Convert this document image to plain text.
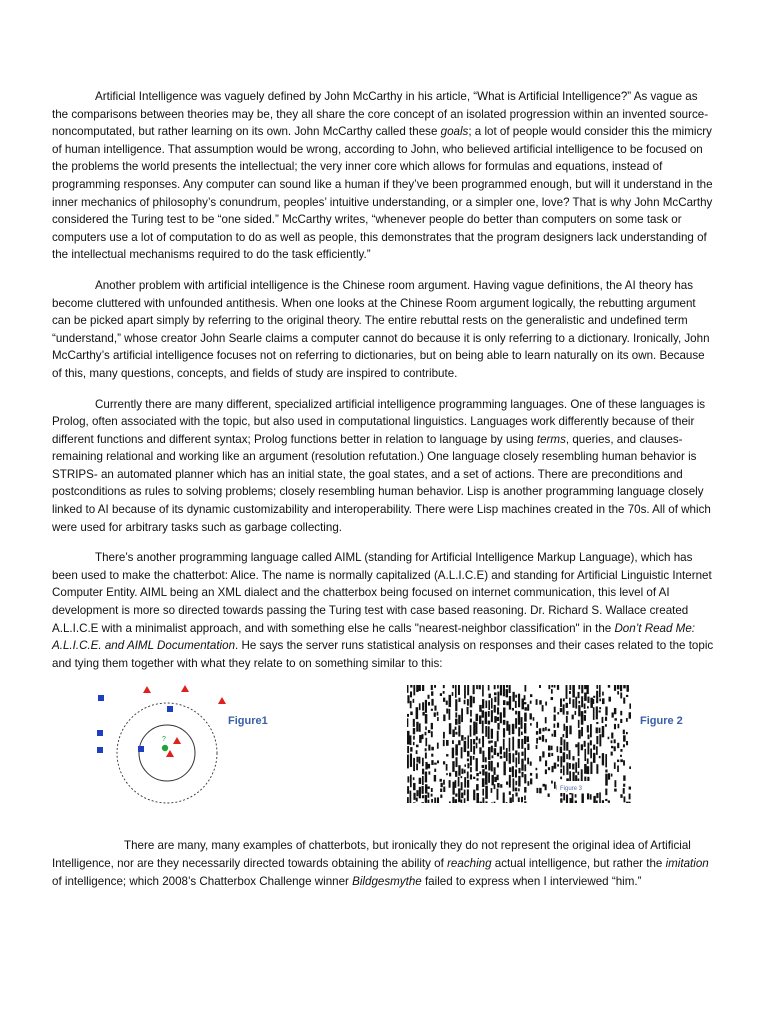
Artificial Intelligence was vaguely defined by John McCarthy in his article, “What is Artificial Intelligence?” As vague as the comparisons between theories may be, they all share the core concept of an isolated progression within an invented source- noncomputated, but rather learning on its own. John McCarthy called these goals; a lot of people would consider this the mimicry of human intelligence. That assumption would be wrong, according to John, who believed artificial intelligence to be focused on the problems the world presents the intellectual; the very inner core which allows for formulas and equations, instead of programming responses. Any computer can sound like a human if they’ve been programmed enough, but will it understand in the inner mechanics of philosophy’s conundrum, peoples’ intuitive understanding, or a simpler one, love? That is why John McCarthy considered the Turing test to be “one sided.” McCarthy writes, “whenever people do better than computers on some task or computers use a lot of computation to do as well as people, this demonstrates that the program designers lack understanding of the intellectual mechanisms required to do the task efficiently.”

Another problem with artificial intelligence is the Chinese room argument. Having vague definitions, the AI theory has become cluttered with unfounded antithesis. When one looks at the Chinese Room argument logically, the rebutting argument can be picked apart simply by referring to the original theory. The entire rebuttal rests on the generalistic and undefined term “understand,” whose creator John Searle claims a computer cannot do because it is only referring to a dictionary. Ironically, John McCarthy’s artificial intelligence focuses not on referring to dictionaries, but on being able to learn naturally on its own. Because of this, many questions, concepts, and fields of study are inspired to contribute.

Currently there are many different, specialized artificial intelligence programming languages. One of these languages is Prolog, often associated with the topic, but also used in computational linguistics. Languages work differently because of their different functions and different syntax; Prolog functions better in relation to language by using terms, queries, and clauses- remaining relational and working like an argument (resolution refutation.) One language closely resembling human behavior is STRIPS- an automated planner which has an initial state, the goal states, and a set of actions. There are preconditions and postconditions as rules to solving problems; closely resembling human behavior. Lisp is another programming language closely linked to AI because of its dynamic customizability and interoperability. There were Lisp machines created in the 70s. All of which were used for arbitrary tasks such as garbage collecting.

There’s another programming language called AIML (standing for Artificial Intelligence Markup Language), which has been used to make the chatterbot: Alice. The name is normally capitalized (A.L.I.C.E) and standing for Artificial Linguistic Internet Computer Entity. AIML being an XML dialect and the chatterbox being focused on internet communication, this level of AI development is more so directed towards passing the Turing test with case based reasoning. Dr. Richard S. Wallace created A.L.I.C.E with a minimalist approach, and with something else he calls "nearest-neighbor classification" in the Don’t Read Me: A.L.I.C.E. and AIML Documentation. He says the server runs statistical analysis on responses and their cases related to the topic and tying them together with what they relate to on something similar to this:

?
Figure1
Figure 3
Figure 2

There are many, many examples of chatterbots, but ironically they do not represent the original idea of Artificial Intelligence, nor are they necessarily directed towards obtaining the ability of reaching actual intelligence, but rather the imitation of intelligence; which 2008’s Chatterbox Challenge winner Bildgesmythe failed to express when I interviewed “him.”
